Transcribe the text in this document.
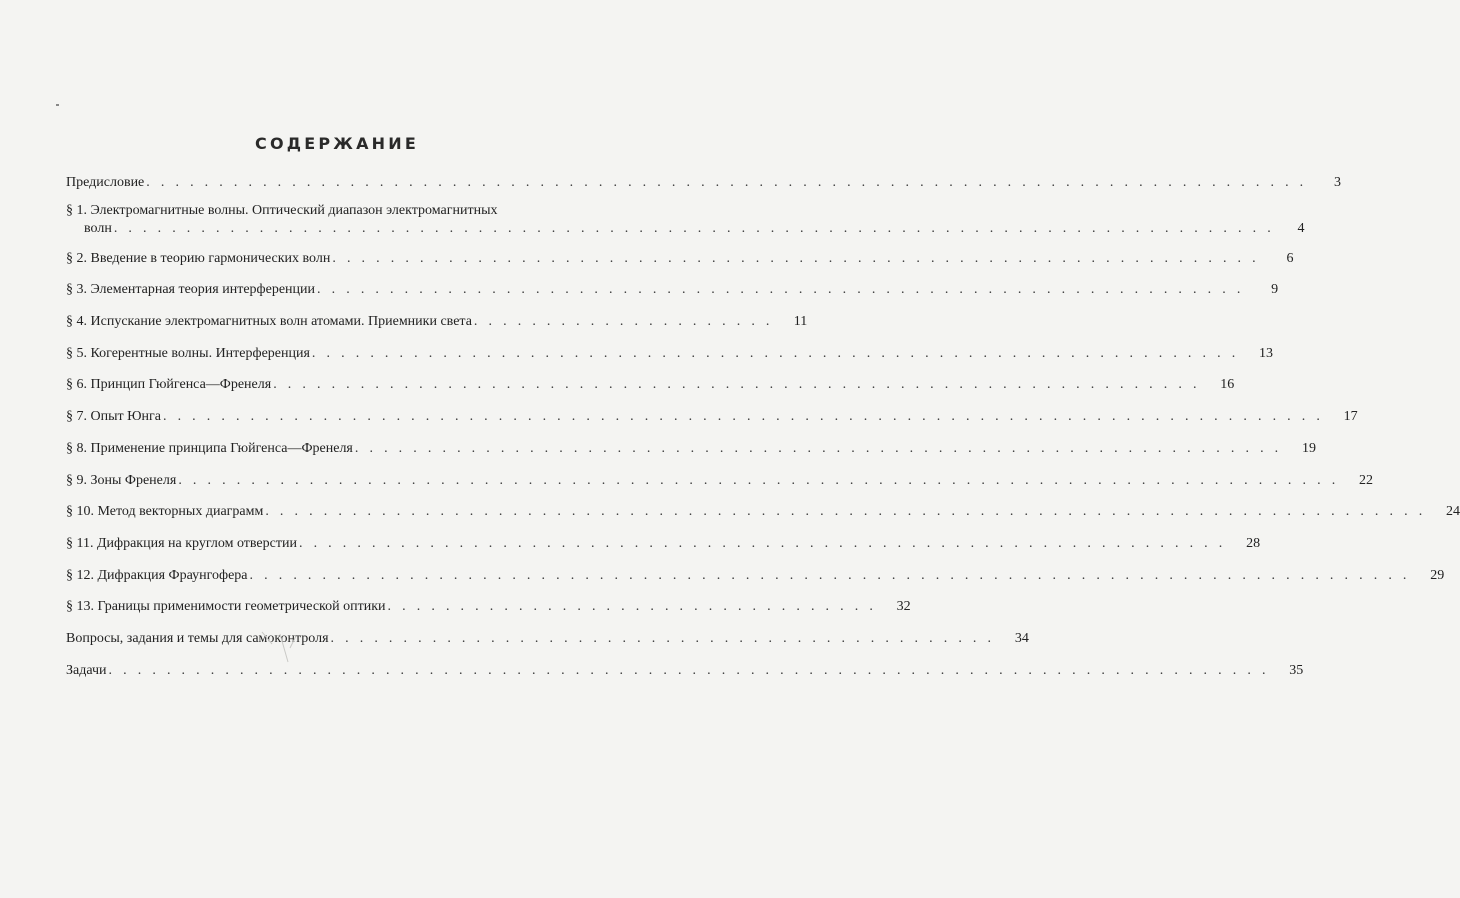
СОДЕРЖАНИЕ
Предисловие . . . . . . . . . . . . . . . . . . . . . . . . . . . . . . . . . . . . . . . . . . . . . . . . . . . . . . . . . . . . . . . . . . . . . . . . . . . . . . . .	3
§ 1. Электромагнитные волны. Оптический диапазон электромагнитных
волн . . . . . . . . . . . . . . . . . . . . . . . . . . . . . . . . . . . . . . . . . . . . . . . . . . . . . . . . . . . . . . . . . . . . . . . . . . . . . . . .	4
§ 2. Введение в теорию гармонических волн . . . . . . . . . . . . . . . . . . . . . . . . . . . . . . . . . . . . . . . . . . . . . . . . . . . . . . . . . . . . . . . .	6
§ 3. Элементарная теория интерференции . . . . . . . . . . . . . . . . . . . . . . . . . . . . . . . . . . . . . . . . . . . . . . . . . . . . . . . . . . . . . . . .	9
§ 4. Испускание электромагнитных волн атомами. Приемники света . . . . . . . . . . . . . . . . . . . . .	11
§ 5. Когерентные волны. Интерференция . . . . . . . . . . . . . . . . . . . . . . . . . . . . . . . . . . . . . . . . . . . . . . . . . . . . . . . . . . . . . . . .	13
§ 6. Принцип Гюйгенса—Френеля . . . . . . . . . . . . . . . . . . . . . . . . . . . . . . . . . . . . . . . . . . . . . . . . . . . . . . . . . . . . . . . .	16
§ 7. Опыт Юнга . . . . . . . . . . . . . . . . . . . . . . . . . . . . . . . . . . . . . . . . . . . . . . . . . . . . . . . . . . . . . . . . . . . . . . . . . . . . . . . .	17
§ 8. Применение принципа Гюйгенса—Френеля . . . . . . . . . . . . . . . . . . . . . . . . . . . . . . . . . . . . . . . . . . . . . . . . . . . . . . . . . . . . . . . .	19
§ 9. Зоны Френеля . . . . . . . . . . . . . . . . . . . . . . . . . . . . . . . . . . . . . . . . . . . . . . . . . . . . . . . . . . . . . . . . . . . . . . . . . . . . . . . .	22
§ 10. Метод векторных диаграмм . . . . . . . . . . . . . . . . . . . . . . . . . . . . . . . . . . . . . . . . . . . . . . . . . . . . . . . . . . . . . . . . . . . . . . . . . . . . . . . .	24
§ 11. Дифракция на круглом отверстии . . . . . . . . . . . . . . . . . . . . . . . . . . . . . . . . . . . . . . . . . . . . . . . . . . . . . . . . . . . . . . . .	28
§ 12. Дифракция Фраунгофера . . . . . . . . . . . . . . . . . . . . . . . . . . . . . . . . . . . . . . . . . . . . . . . . . . . . . . . . . . . . . . . . . . . . . . . . . . . . . . . .	29
§ 13. Границы применимости геометрической оптики . . . . . . . . . . . . . . . . . . . . . . . . . . . . . . . . . .	32
Вопросы, задания и темы для самоконтроля . . . . . . . . . . . . . . . . . . . . . . . . . . . . . . . . . . . . . . . . . . . . . .	34
Задачи . . . . . . . . . . . . . . . . . . . . . . . . . . . . . . . . . . . . . . . . . . . . . . . . . . . . . . . . . . . . . . . . . . . . . . . . . . . . . . . .	35
